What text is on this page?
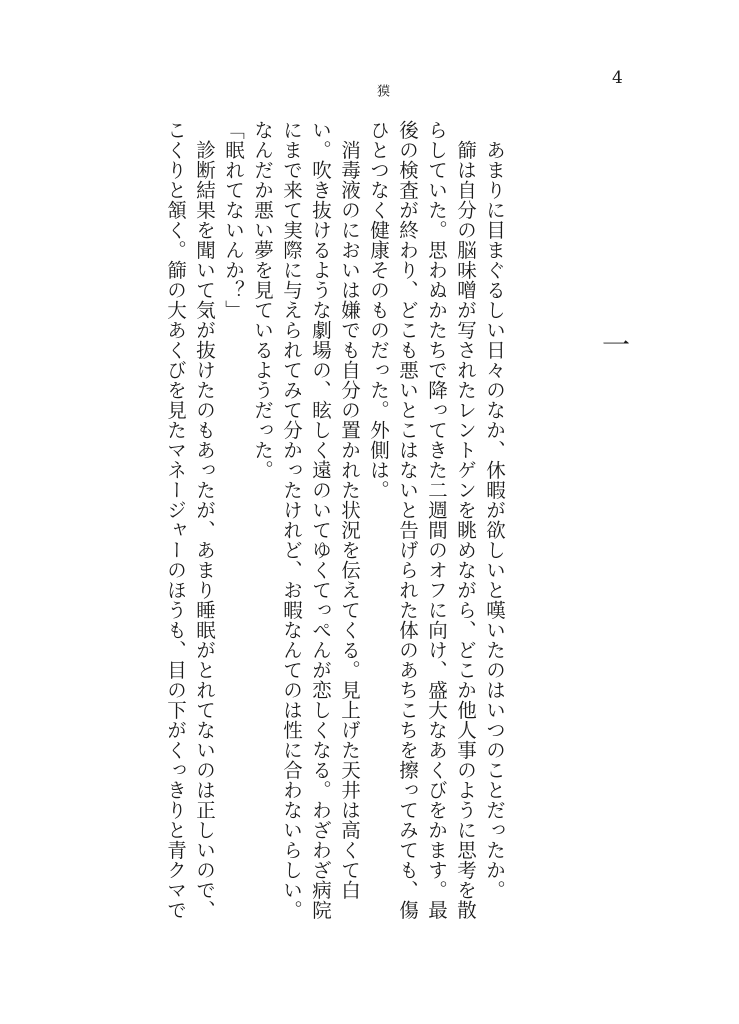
4
獏
一

あまりに目まぐるしい日々のなか、休暇が欲しいと嘆いたのはいつのことだったか。

篩は自分の脳味噌が写されたレントゲンを眺めながら、どこか他人事のように思考を散らしていた。思わぬかたちで降ってきた二週間のオフに向け、盛大なあくびをかます。最後の検査が終わり、どこも悪いとこはないと告げられた体のあちこちを擦ってみても、傷ひとつなく健康そのものだった。外側は。

消毒液のにおいは嫌でも自分の置かれた状況を伝えてくる。見上げた天井は高くて白い。吹き抜けるような劇場の、眩しく遠のいてゆくてっぺんが恋しくなる。わざわざ病院にまで来て実際に与えられてみて分かったけれど、お暇なんてのは性に合わないらしい。なんだか悪い夢を見ているようだった。

「眠れてないんか？」

診断結果を聞いて気が抜けたのもあったが、あまり睡眠がとれてないのは正しいので、こくりと頷く。篩の大あくびを見たマネージャーのほうも、目の下がくっきりと青クマで
